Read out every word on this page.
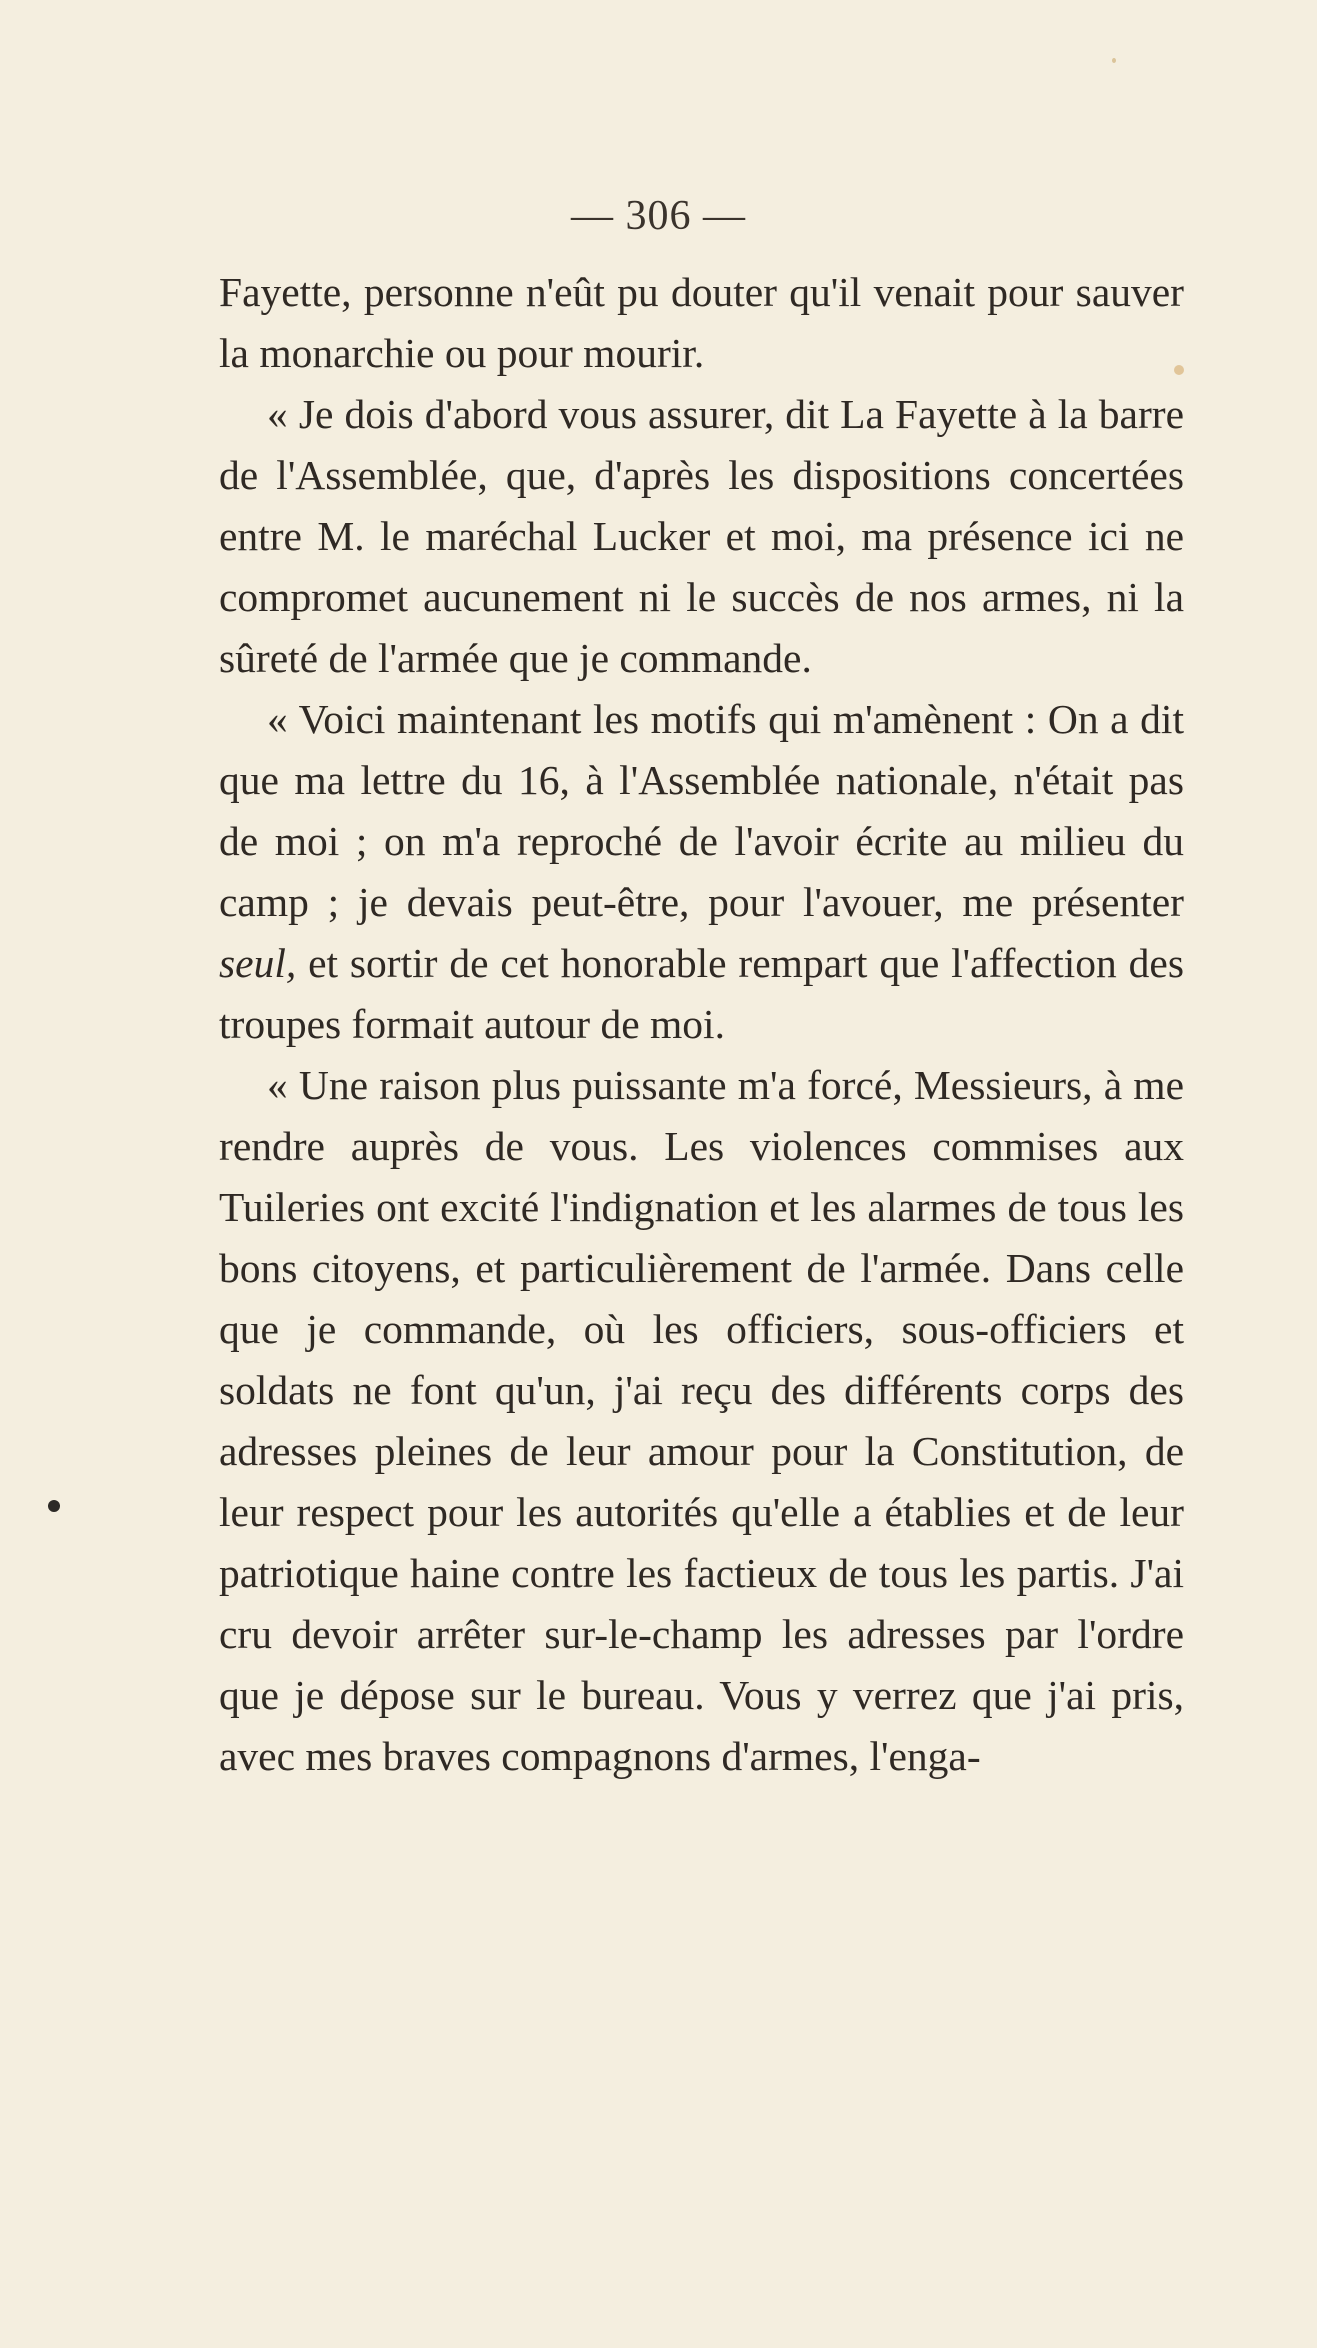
— 306 —

Fayette, personne n'eût pu douter qu'il venait pour sauver la monarchie ou pour mourir.

« Je dois d'abord vous assurer, dit La Fayette à la barre de l'Assemblée, que, d'après les dispositions concertées entre M. le maréchal Lucker et moi, ma présence ici ne compromet aucunement ni le succès de nos armes, ni la sûreté de l'armée que je commande.

« Voici maintenant les motifs qui m'amènent : On a dit que ma lettre du 16, à l'Assemblée nationale, n'était pas de moi ; on m'a reproché de l'avoir écrite au milieu du camp ; je devais peut-être, pour l'avouer, me présenter seul, et sortir de cet honorable rempart que l'affection des troupes formait autour de moi.

« Une raison plus puissante m'a forcé, Messieurs, à me rendre auprès de vous. Les violences commises aux Tuileries ont excité l'indignation et les alarmes de tous les bons citoyens, et particulièrement de l'armée. Dans celle que je commande, où les officiers, sous-officiers et soldats ne font qu'un, j'ai reçu des différents corps des adresses pleines de leur amour pour la Constitution, de leur respect pour les autorités qu'elle a établies et de leur patriotique haine contre les factieux de tous les partis. J'ai cru devoir arrêter sur-le-champ les adresses par l'ordre que je dépose sur le bureau. Vous y verrez que j'ai pris, avec mes braves compagnons d'armes, l'enga-
